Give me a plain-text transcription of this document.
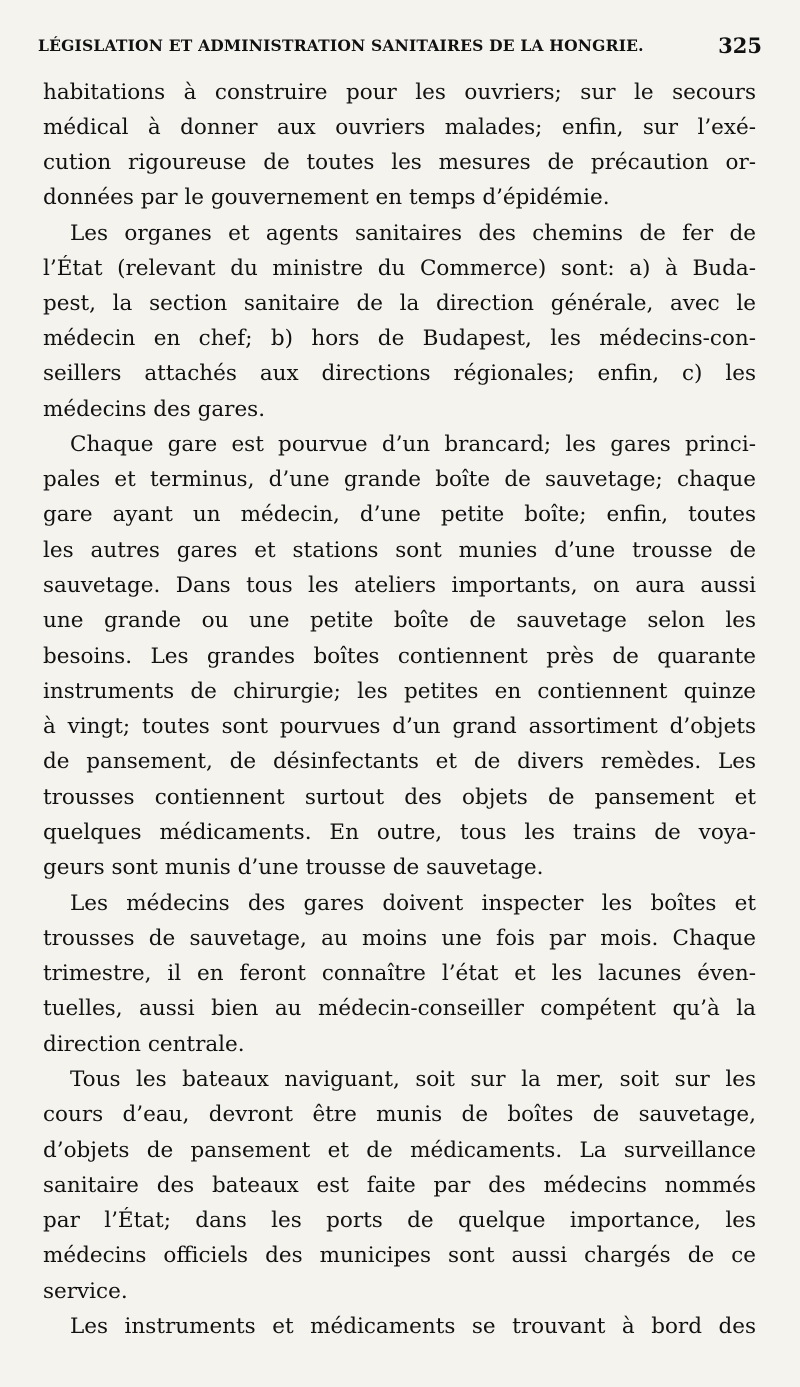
LÉGISLATION ET ADMINISTRATION SANITAIRES DE LA HONGRIE.	325
habitations à construire pour les ouvriers; sur le secours
médical à donner aux ouvriers malades; enfin, sur l’exé-
cution rigoureuse de toutes les mesures de précaution or-
données par le gouvernement en temps d’épidémie.
Les organes et agents sanitaires des chemins de fer de
l’État (relevant du ministre du Commerce) sont: a) à Buda-
pest, la section sanitaire de la direction générale, avec le
médecin en chef; b) hors de Budapest, les médecins-con-
seillers attachés aux directions régionales; enfin, c) les
médecins des gares.
Chaque gare est pourvue d’un brancard; les gares princi-
pales et terminus, d’une grande boîte de sauvetage; chaque
gare ayant un médecin, d’une petite boîte; enfin, toutes
les autres gares et stations sont munies d’une trousse de
sauvetage. Dans tous les ateliers importants, on aura aussi
une grande ou une petite boîte de sauvetage selon les
besoins. Les grandes boîtes contiennent près de quarante
instruments de chirurgie; les petites en contiennent quinze
à vingt; toutes sont pourvues d’un grand assortiment d’objets
de pansement, de désinfectants et de divers remèdes. Les
trousses contiennent surtout des objets de pansement et
quelques médicaments. En outre, tous les trains de voya-
geurs sont munis d’une trousse de sauvetage.
Les médecins des gares doivent inspecter les boîtes et
trousses de sauvetage, au moins une fois par mois. Chaque
trimestre, il en feront connaître l’état et les lacunes éven-
tuelles, aussi bien au médecin-conseiller compétent qu’à la
direction centrale.
Tous les bateaux naviguant, soit sur la mer, soit sur les
cours d’eau, devront être munis de boîtes de sauvetage,
d’objets de pansement et de médicaments. La surveillance
sanitaire des bateaux est faite par des médecins nommés
par l’État; dans les ports de quelque importance, les
médecins officiels des municipes sont aussi chargés de ce
service.
Les instruments et médicaments se trouvant à bord des
